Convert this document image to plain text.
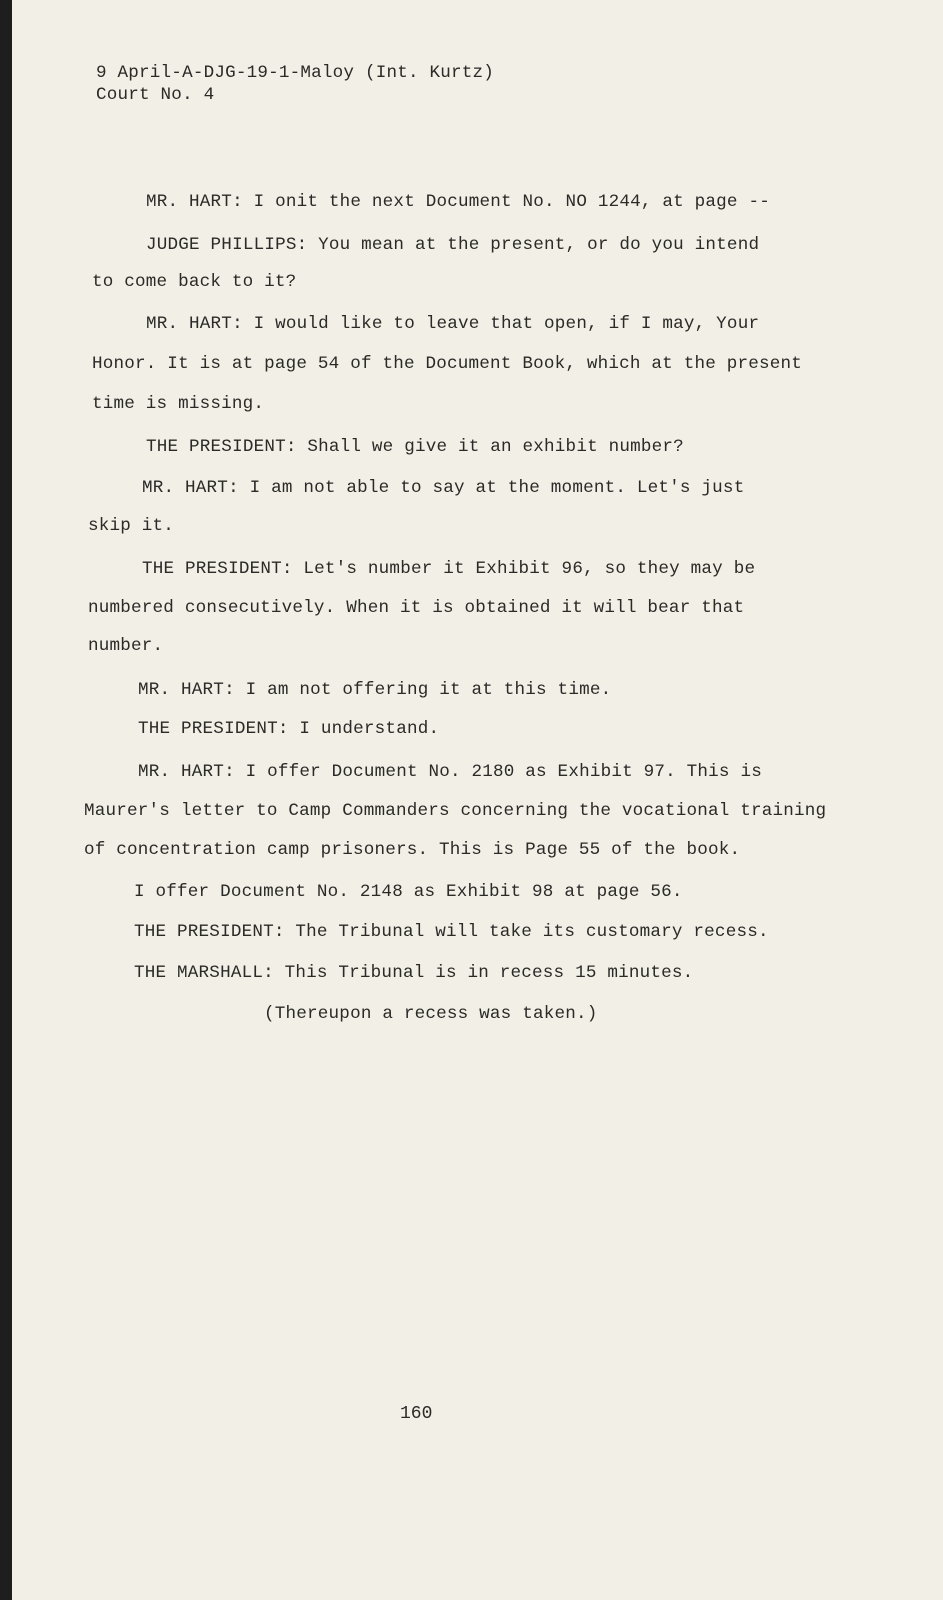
9 April-A-DJG-19-1-Maloy (Int. Kurtz)
Court No. 4
MR. HART: I onit the next Document No. NO 1244, at page --
JUDGE PHILLIPS: You mean at the present, or do you intend
to come back to it?
MR. HART: I would like to leave that open, if I may, Your
Honor. It is at page 54 of the Document Book, which at the present
time is missing.
THE PRESIDENT: Shall we give it an exhibit number?
MR. HART: I am not able to say at the moment. Let's just
skip it.
THE PRESIDENT: Let's number it Exhibit 96, so they may be
numbered consecutively. When it is obtained it will bear that
number.
MR. HART: I am not offering it at this time.
THE PRESIDENT: I understand.
MR. HART: I offer Document No. 2180 as Exhibit 97. This is
Maurer's letter to Camp Commanders concerning the vocational training
of concentration camp prisoners. This is Page 55 of the book.
I offer Document No. 2148 as Exhibit 98 at page 56.
THE PRESIDENT: The Tribunal will take its customary recess.
THE MARSHALL: This Tribunal is in recess 15 minutes.
(Thereupon a recess was taken.)
160
